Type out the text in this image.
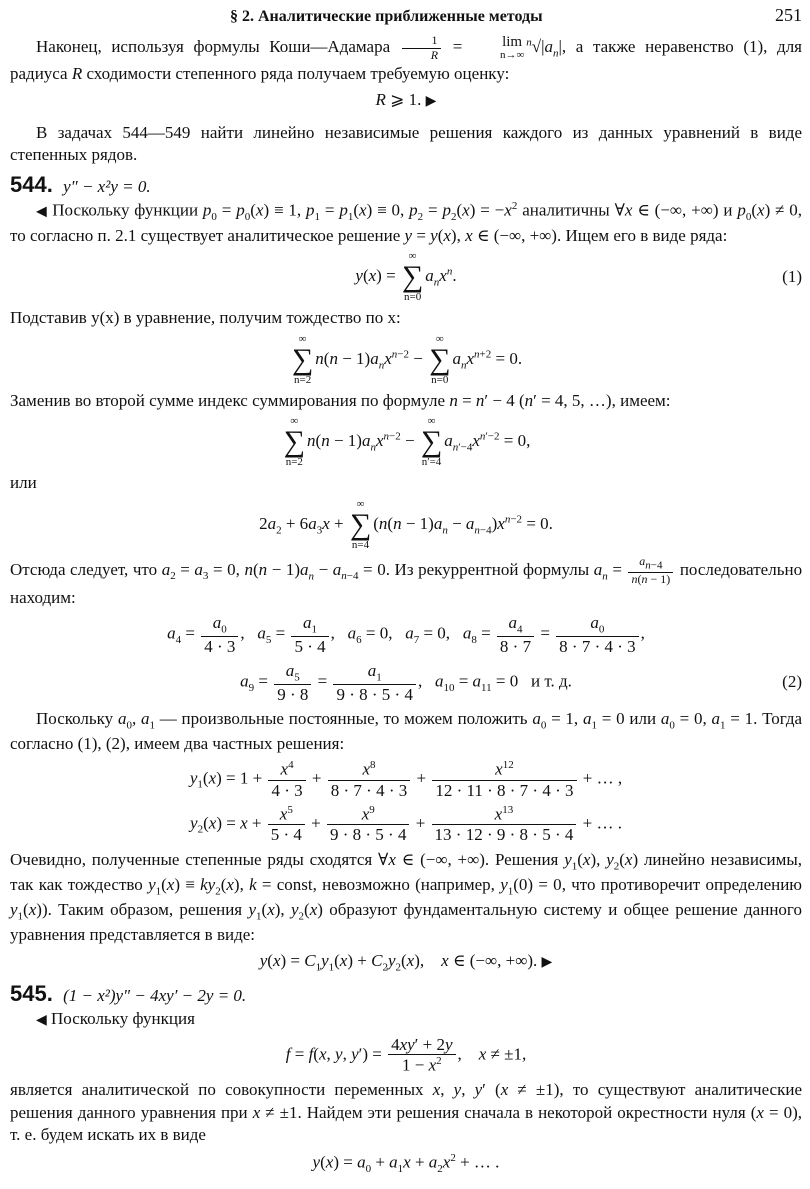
§ 2. Аналитические приближенные методы	251

Наконец, используя формулы Коши—Адамара $\frac{1}{R}$ =	lim
n→∞
$^n√|a_n|$, а также неравенство (1), для радиуса R сходимости степенного ряда получаем требуемую оценку:

R ⩾ 1. ▶

В задачах 544—549 найти линейно независимые решения каждого из данных уравнений в виде степенных рядов.

544. y″ − x²y = 0.

◀ Поскольку функции $p_0 = p_0(x) \equiv 1$, $p_1 = p_1(x) \equiv 0$, $p_2 = p_2(x) = -x^2$ аналитичны ∀x ∈ (−∞, +∞) и $p_0(x) \ne 0$, то согласно п. 2.1 существует аналитическое решение y = y(x), x ∈ (−∞, +∞). Ищем его в виде ряда:

y(x) =
∞
∑
n=0
$a_nx^n$.	(1)

Подставив y(x) в уравнение, получим тождество по x:

∞
∑
n=2
$n(n - 1)a_nx^{n-2}$ −
∞
∑
n=0
$a_nx^{n+2} = 0$.

Заменив во второй сумме индекс суммирования по формуле n = n′ − 4 (n′ = 4, 5, …), имеем:

∞
∑
n=2
$n(n - 1)a_nx^{n-2}$ −
∞
∑
n′=4
$a_{n'-4}x^{n'-2} = 0$,

или

$2a_2 + 6a_3x$ +
∞
∑
n=4
$(n(n - 1)a_n - a_{n-4})x^{n-2} = 0$.

Отсюда следует, что $a_2 = a_3 = 0$, $n(n - 1)a_n - a_{n-4} = 0$. Из рекуррентной формулы $a_n = \frac{a_{n-4}}{n(n - 1)}$ последовательно находим:

$a_4 = \frac{a_0}{4 \cdot 3}$ ,   $a_5 = \frac{a_1}{5 \cdot 4}$ ,   $a_6 = 0$,   $a_7 = 0$,   $a_8 = \frac{a_4}{8 \cdot 7} = \frac{a_0}{8 \cdot 7 \cdot 4 \cdot 3}$ ,
$a_9 = \frac{a_5}{9 \cdot 8} = \frac{a_1}{9 \cdot 8 \cdot 5 \cdot 4}$ ,   $a_{10} = a_{11} = 0$   и т. д.	(2)

Поскольку $a_0$, $a_1$ — произвольные постоянные, то можем положить $a_0 = 1$, $a_1 = 0$ или $a_0 = 0$, $a_1 = 1$. Тогда согласно (1), (2), имеем два частных решения:

$y_1(x) = 1 + \frac{x^4}{4 \cdot 3} + \frac{x^8}{8 \cdot 7 \cdot 4 \cdot 3} + \frac{x^{12}}{12 \cdot 11 \cdot 8 \cdot 7 \cdot 4 \cdot 3}$ + … ,
$y_2(x) = x + \frac{x^5}{5 \cdot 4} + \frac{x^9}{9 \cdot 8 \cdot 5 \cdot 4} + \frac{x^{13}}{13 \cdot 12 \cdot 9 \cdot 8 \cdot 5 \cdot 4}$ + … .

Очевидно, полученные степенные ряды сходятся ∀x ∈ (−∞, +∞). Решения $y_1(x)$, $y_2(x)$ линейно независимы, так как тождество $y_1(x) \equiv ky_2(x)$, k = const, невозможно (например, $y_1(0) = 0$, что противоречит определению $y_1(x)$). Таким образом, решения $y_1(x)$, $y_2(x)$ образуют фундаментальную систему и общее решение данного уравнения представляется в виде:

$y(x) = C_1y_1(x) + C_2y_2(x)$,    x ∈ (−∞, +∞). ▶
545. (1 − x²)y″ − 4xy′ − 2y = 0.

◀ Поскольку функция

f = f(x, y, $y') = \frac{4xy' + 2y}{1 - x^2}$ ,    x ≠ ±1,

является аналитической по совокупности переменных x, y, y′ (x ≠ ±1), то существуют аналитические решения данного уравнения при x ≠ ±1. Найдем эти решения сначала в некоторой окрестности нуля (x = 0), т. е. будем искать их в виде

$y(x) = a_0 + a_1x + a_2x^2$ + … .
